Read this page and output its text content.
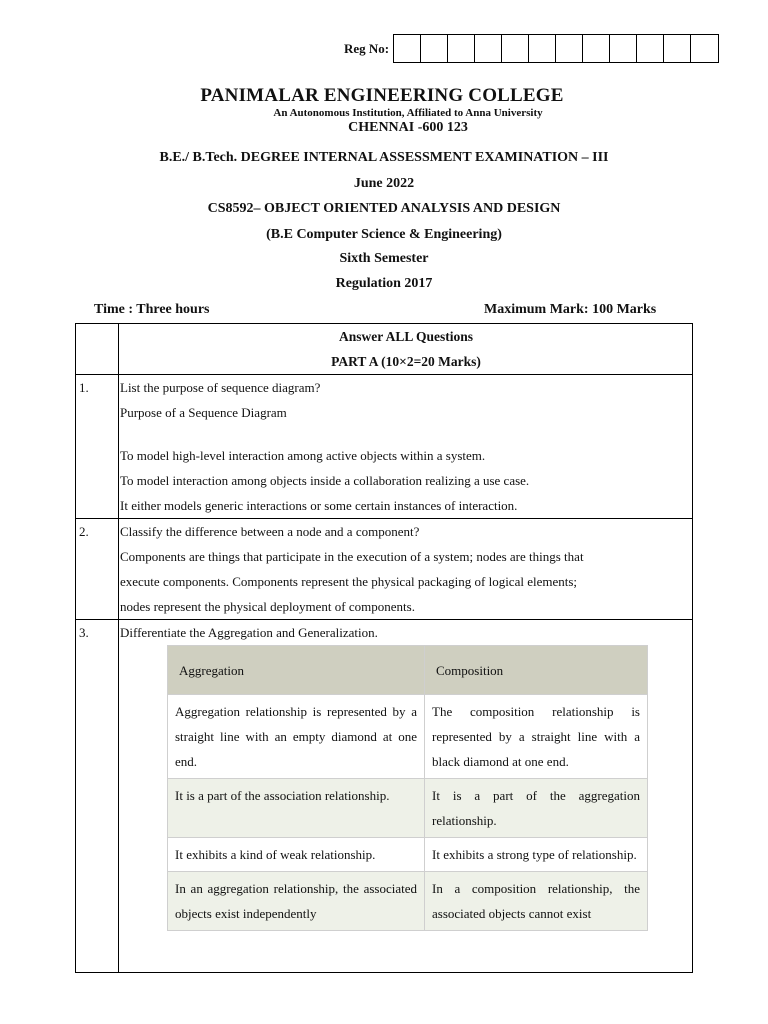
Reg No:
PANIMALAR ENGINEERING COLLEGE
An Autonomous Institution, Affiliated to Anna University
CHENNAI -600 123
B.E./ B.Tech. DEGREE INTERNAL ASSESSMENT EXAMINATION – III
June 2022
CS8592– OBJECT ORIENTED ANALYSIS AND DESIGN
(B.E Computer Science & Engineering)
Sixth Semester
Regulation 2017
Time : Three hours	Maximum Mark: 100 Marks

Answer ALL Questions
PART A (10×2=20 Marks)

1.	List the purpose of sequence diagram?
Purpose of a Sequence Diagram
To model high-level interaction among active objects within a system.
To model interaction among objects inside a collaboration realizing a use case.
It either models generic interactions or some certain instances of interaction.

2.	Classify the difference between a node and a component?
Components are things that participate in the execution of a system; nodes are things that
execute components. Components represent the physical packaging of logical elements;
nodes represent the physical deployment of components.

3.	Differentiate the Aggregation and Generalization.
Aggregation	Composition
Aggregation relationship is represented by a straight line with an empty diamond at one end.	The composition relationship is represented by a straight line with a black diamond at one end.
It is a part of the association relationship.	It is a part of the aggregation relationship.
It exhibits a kind of weak relationship.	It exhibits a strong type of relationship.
In an aggregation relationship, the associated objects exist independently	In a composition relationship, the associated objects cannot exist
